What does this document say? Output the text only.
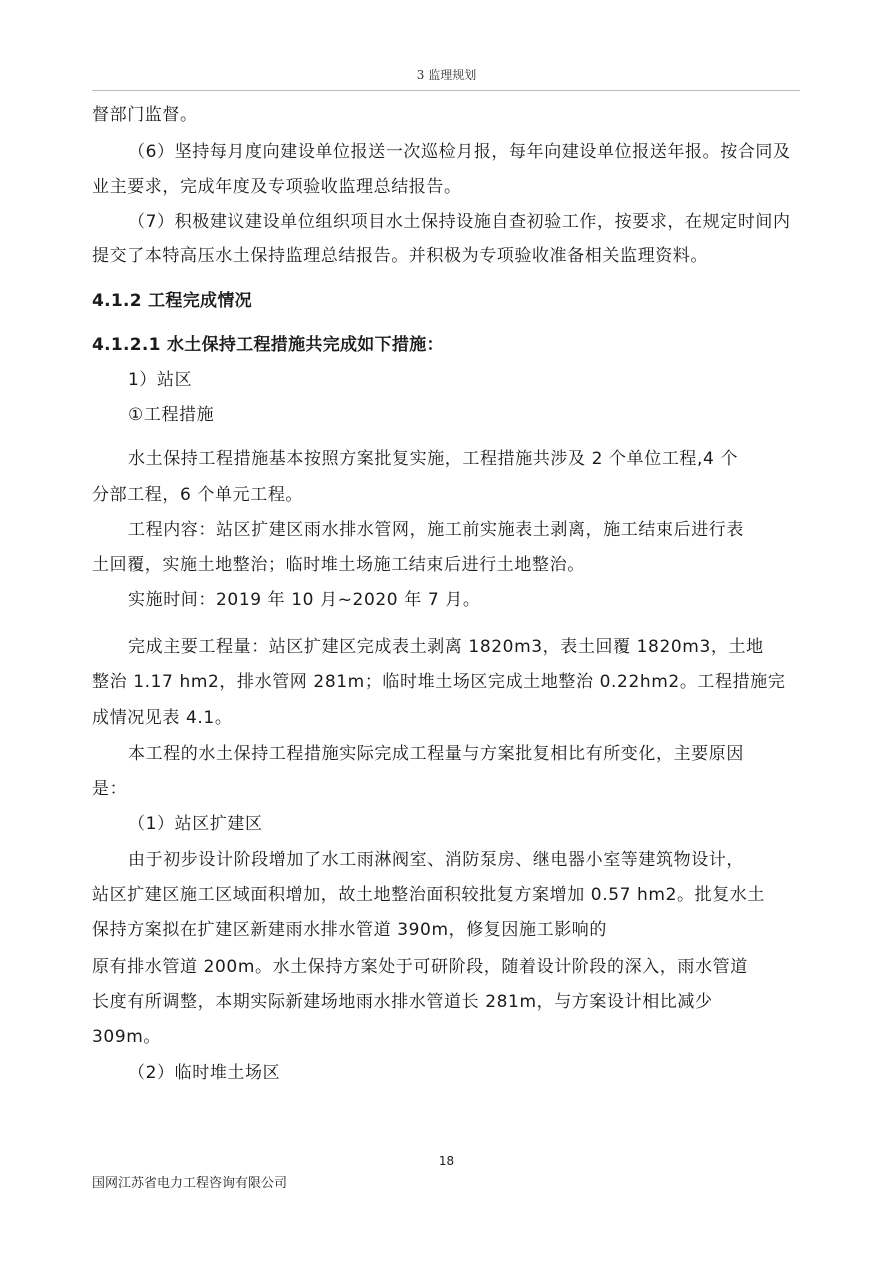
3 监理规划
督部门监督。
（6）坚持每月度向建设单位报送一次巡检月报，每年向建设单位报送年报。按合同及
业主要求，完成年度及专项验收监理总结报告。
（7）积极建议建设单位组织项目水土保持设施自查初验工作，按要求，在规定时间内
提交了本特高压水土保持监理总结报告。并积极为专项验收准备相关监理资料。
4.1.2 工程完成情况
4.1.2.1 水土保持工程措施共完成如下措施：
1）站区
①工程措施
水土保持工程措施基本按照方案批复实施，工程措施共涉及 2 个单位工程,4 个
分部工程，6 个单元工程。
工程内容：站区扩建区雨水排水管网，施工前实施表土剥离，施工结束后进行表
土回覆，实施土地整治；临时堆土场施工结束后进行土地整治。
实施时间：2019 年 10 月~2020 年 7 月。
完成主要工程量：站区扩建区完成表土剥离 1820m3，表土回覆 1820m3，土地
整治 1.17 hm2，排水管网 281m；临时堆土场区完成土地整治 0.22hm2。工程措施完
成情况见表 4.1。
本工程的水土保持工程措施实际完成工程量与方案批复相比有所变化，主要原因
是：
（1）站区扩建区
由于初步设计阶段增加了水工雨淋阀室、消防泵房、继电器小室等建筑物设计，
站区扩建区施工区域面积增加，故土地整治面积较批复方案增加 0.57 hm2。批复水土
保持方案拟在扩建区新建雨水排水管道 390m，修复因施工影响的
原有排水管道 200m。水土保持方案处于可研阶段，随着设计阶段的深入，雨水管道
长度有所调整，本期实际新建场地雨水排水管道长 281m，与方案设计相比减少
309m。
（2）临时堆土场区
18
国网江苏省电力工程咨询有限公司
